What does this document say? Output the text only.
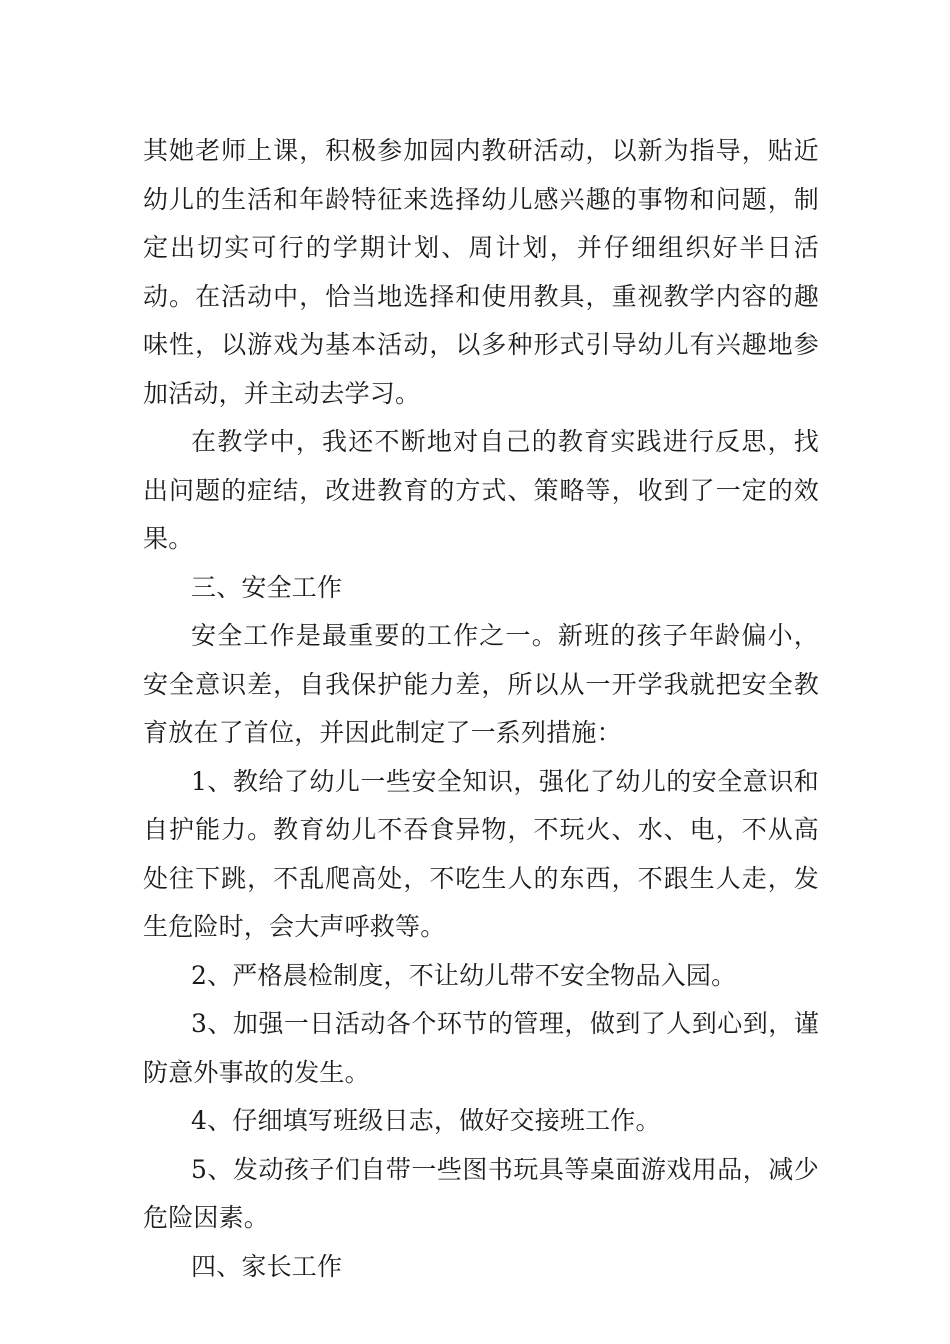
其她老师上课，积极参加园内教研活动，以新为指导，贴近幼儿的生活和年龄特征来选择幼儿感兴趣的事物和问题，制定出切实可行的学期计划、周计划，并仔细组织好半日活动。在活动中，恰当地选择和使用教具，重视教学内容的趣味性，以游戏为基本活动，以多种形式引导幼儿有兴趣地参加活动，并主动去学习。

在教学中，我还不断地对自己的教育实践进行反思，找出问题的症结，改进教育的方式、策略等，收到了一定的效果。

三、安全工作

安全工作是最重要的工作之一。新班的孩子年龄偏小，安全意识差，自我保护能力差，所以从一开学我就把安全教育放在了首位，并因此制定了一系列措施：

1、教给了幼儿一些安全知识，强化了幼儿的安全意识和自护能力。教育幼儿不吞食异物，不玩火、水、电，不从高处往下跳，不乱爬高处，不吃生人的东西，不跟生人走，发生危险时，会大声呼救等。

2、严格晨检制度，不让幼儿带不安全物品入园。

3、加强一日活动各个环节的管理，做到了人到心到，谨防意外事故的发生。

4、仔细填写班级日志，做好交接班工作。

5、发动孩子们自带一些图书玩具等桌面游戏用品，减少危险因素。

四、家长工作
